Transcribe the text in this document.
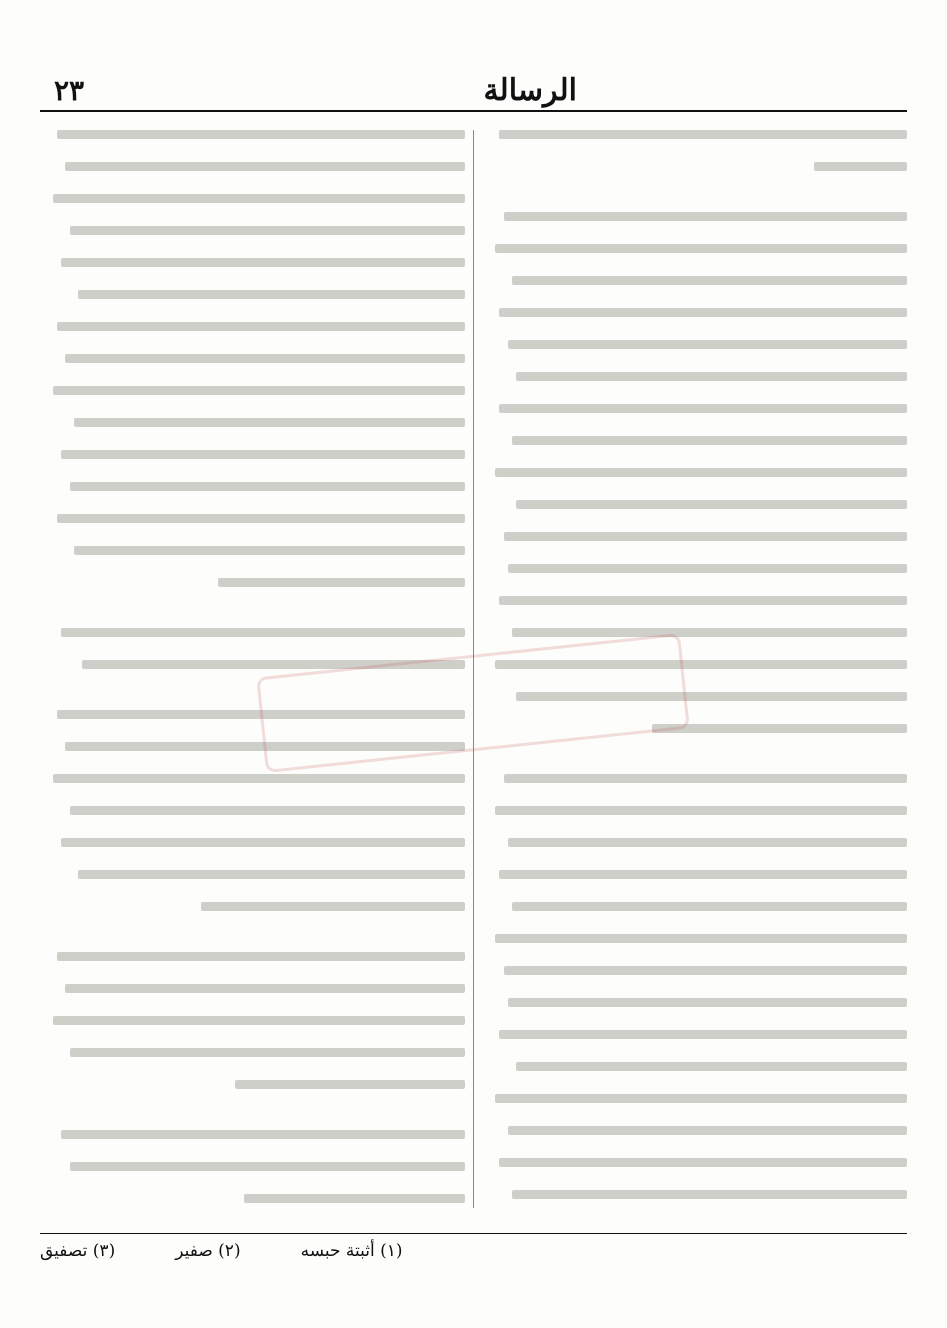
٢٣	الرسالة
(١) أثبتة حبسه
(٢) صفير
(٣) تصفيق
